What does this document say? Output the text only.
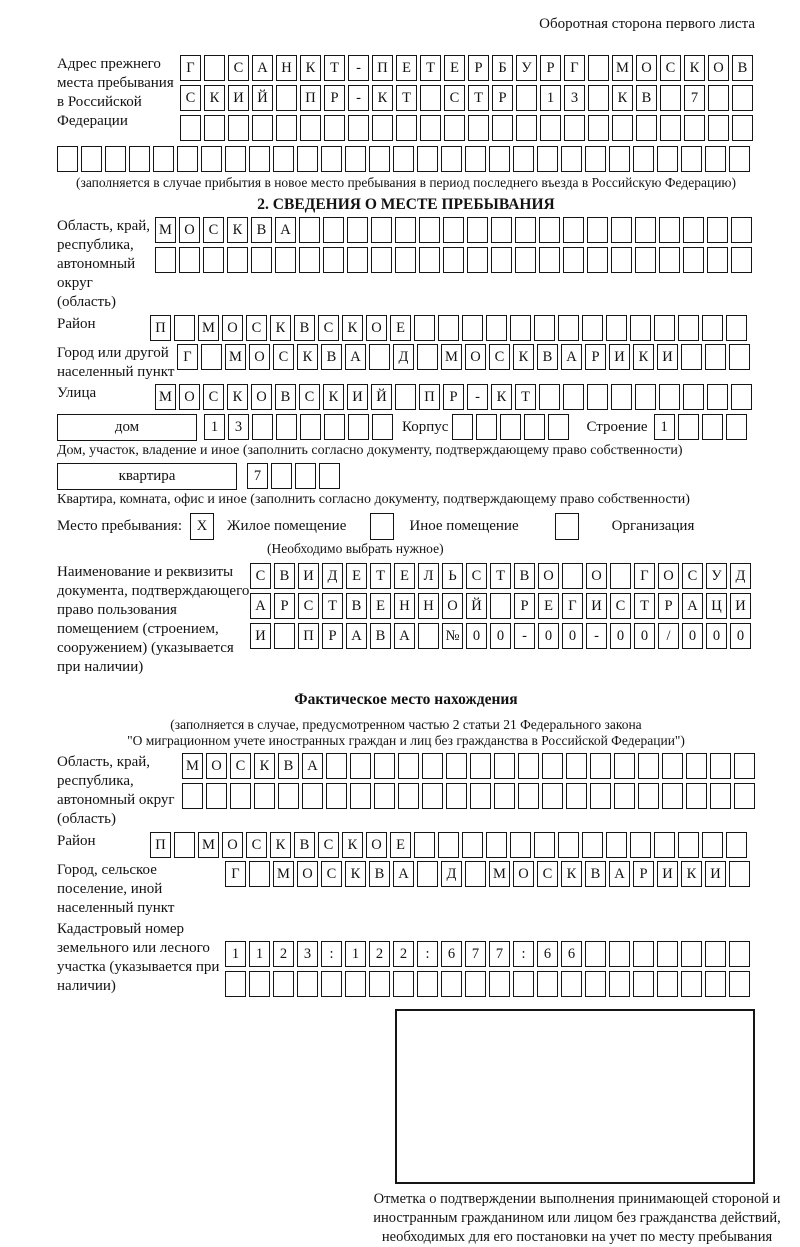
Оборотная сторона первого листа
Адрес прежнего места пребывания в Российской Федерации
Г	С А Н К	Т	-	П Е	Т	Е	Р	Б	У	Р	Г	М О С К О В
С К И Й	П	Р	-	К	Т	С	Т	Р	1	3	К В	7
(заполняется в случае прибытия в новое место пребывания в период последнего въезда в Российскую Федерацию)
2. СВЕДЕНИЯ О МЕСТЕ ПРЕБЫВАНИЯ
Область, край, республика, автономный округ (область)
М О С К В А
Район	П	М О С К В С К О Е
Город или другой населенный пункт
Г	М О С К В А	Д	М О С К В А	Р	И К И
Улица	М О С К О В С К И Й	П	Р	-	К	Т
дом	1	3	Корпус	Строение 1
Дом, участок, владение и иное (заполнить согласно документу, подтверждающему право собственности)
квартира	7
Квартира, комната, офис и иное (заполнить согласно документу, подтверждающему право собственности)
Место пребывания:	X	Жилое помещение	Иное помещение	Организация
(Необходимо выбрать нужное)
Наименование и реквизиты документа, подтверждающего право пользования помещением (строением, сооружением) (указывается при наличии)
С В И Д	Е	Т	Е	Л	Ь	С	Т	В О	О	Г	О С У Д
А	Р	С	Т	В	Е Н Н О Й	Р	Е	Г	И С	Т	Р	А Ц И
И	П	Р	А В А	№ 0	0	-	0	0	-	0	0	/	0	0	0
Фактическое место нахождения
(заполняется в случае, предусмотренном частью 2 статьи 21 Федерального закона
"О миграционном учете иностранных граждан и лиц без гражданства в Российской Федерации")
Область, край, республика, автономный округ (область)
М О С К В А
Район	П	М О С К В С К О Е
Город, сельское поселение, иной населенный пункт
Г	М О С К В А	Д	М О С К В А	Р	И К И
Кадастровый номер земельного или лесного участка (указывается при наличии)
1	1	2	3	:	1	2	2	:	6	7	7	:	6	6
Отметка о подтверждении выполнения принимающей стороной и иностранным гражданином или лицом без гражданства действий, необходимых для его постановки на учет по месту пребывания
